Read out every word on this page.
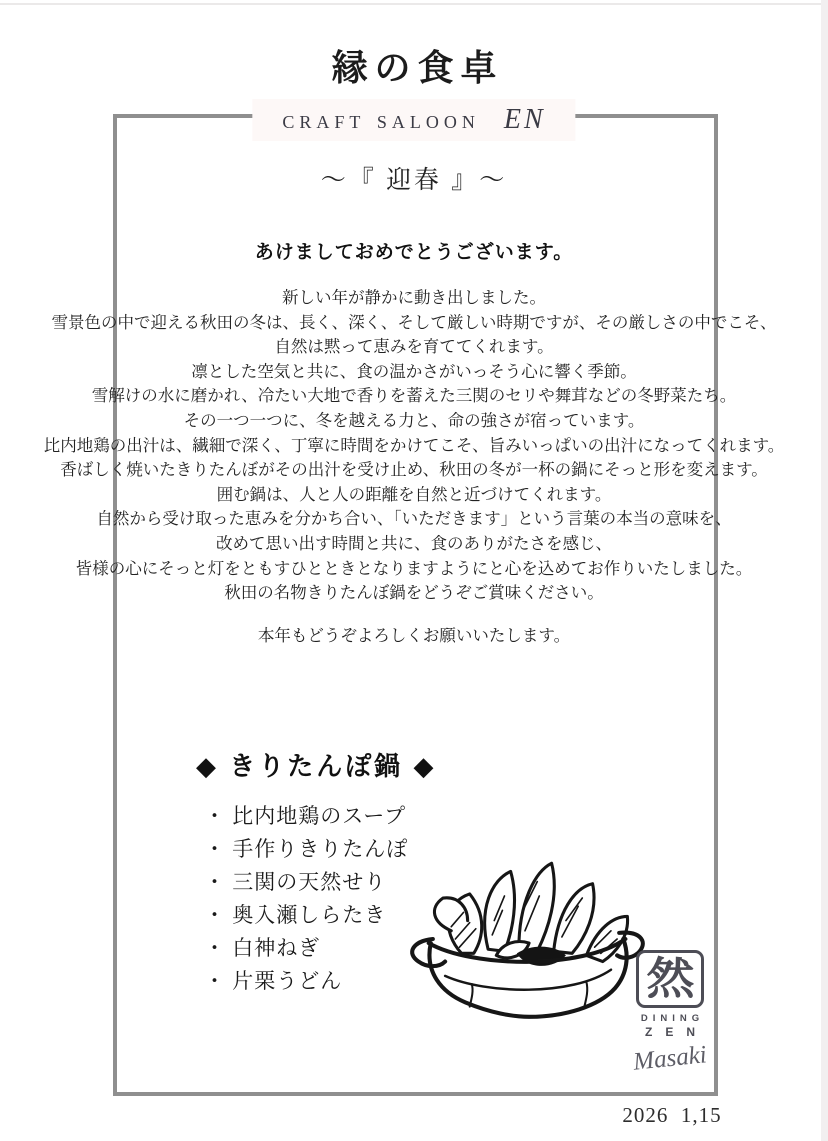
縁の食卓
craft saloon EN
～『 迎春 』～
あけましておめでとうございます。
新しい年が静かに動き出しました。
雪景色の中で迎える秋田の冬は、長く、深く、そして厳しい時期ですが、その厳しさの中でこそ、
自然は黙って恵みを育ててくれます。
凛とした空気と共に、食の温かさがいっそう心に響く季節。
雪解けの水に磨かれ、冷たい大地で香りを蓄えた三関のセリや舞茸などの冬野菜たち。
その一つ一つに、冬を越える力と、命の強さが宿っています。
比内地鶏の出汁は、繊細で深く、丁寧に時間をかけてこそ、旨みいっぱいの出汁になってくれます。
香ばしく焼いたきりたんぼがその出汁を受け止め、秋田の冬が一杯の鍋にそっと形を変えます。
囲む鍋は、人と人の距離を自然と近づけてくれます。
自然から受け取った恵みを分かち合い、「いただきます」という言葉の本当の意味を、
改めて思い出す時間と共に、食のありがたさを感じ、
皆様の心にそっと灯をともすひとときとなりますようにと心を込めてお作りいたしました。
秋田の名物きりたんぼ鍋をどうぞご賞味ください。
本年もどうぞよろしくお願いいたします。
◆ きりたんぽ鍋 ◆
・ 比内地鶏のスープ
・ 手作りきりたんぽ
・ 三関の天然せり
・ 奥入瀬しらたき
・ 白神ねぎ
・ 片栗うどん	然
DINING
ZEN
Masaki
2026  1,15
